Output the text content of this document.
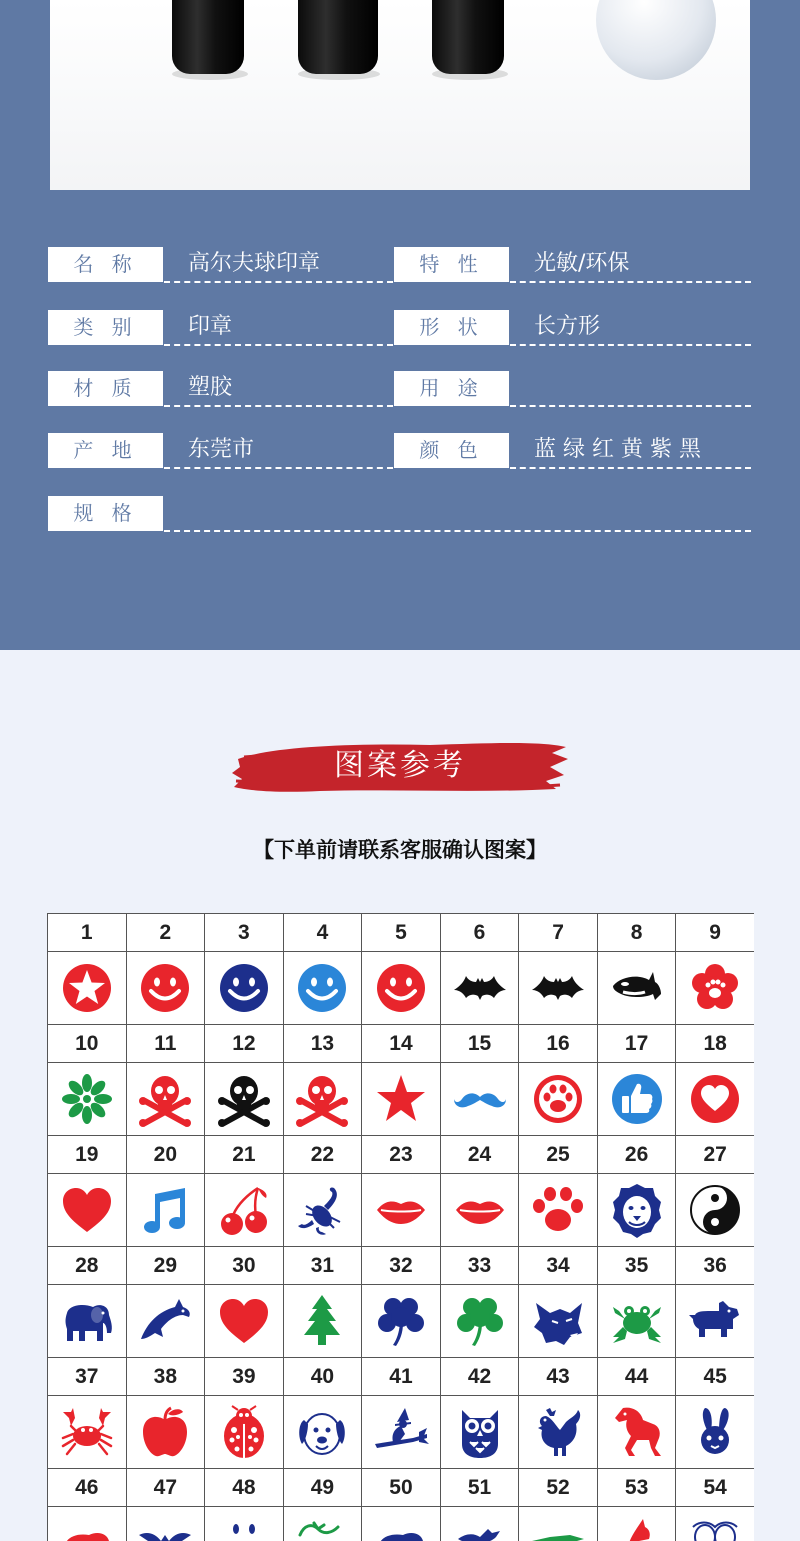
名 称	高尔夫球印章	特 性	光敏/环保
类 别	印章	形 状	长方形
材 质	塑胶	用 途
产 地	东莞市	颜 色	蓝 绿 红 黄 紫 黑
规 格
图案参考
【下单前请联系客服确认图案】
1	2	3	4	5	6	7	8	9

10	11	12	13	14	15	16	17	18

19	20	21	22	23	24	25	26	27

28	29	30	31	32	33	34	35	36

37	38	39	40	41	42	43	44	45

46	47	48	49	50	51	52	53	54
